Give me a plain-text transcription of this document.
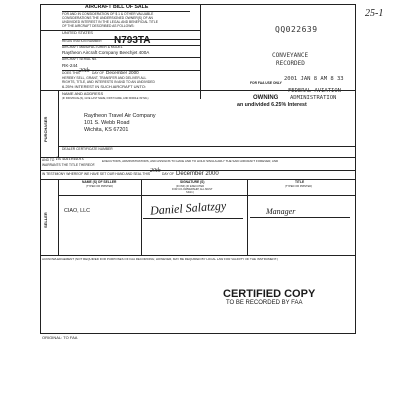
25-1
AIRCRAFT BILL OF SALE
FOR AND IN CONSIDERATION OF $ 1 & OTHER VALUABLE
CONSIDERATIONS THE UNDERSIGNED OWNER(S) OF AN
UNDIVIDED INTEREST IN THE LEGAL AND BENEFICIAL TITLE
OF THE AIRCRAFT DESCRIBED AS FOLLOWS:	QQ022639
UNITED STATES
REGISTRATION NUMBER N793TA
AIRCRAFT MANUFACTURER & MODEL
Raytheon Aircraft Company Beechjet 400A
AIRCRAFT SERIAL No.
RK-244
CONVEYANCE
RECORDED
DOES THIS 20th DAY OF December 2000
HEREBY SELL, GRANT, TRANSFER AND DELIVER ALL
RIGHTS, TITLE, AND INTERESTS IN AND TO AN UNDIVIDED
6.25% INTEREST IN SUCH AIRCRAFT UNTO:
FOR FAA USE ONLY
2001 JAN 8 AM 8 33
PURCHASER
NAME AND ADDRESS
(IF INDIVIDUAL(S), GIVE LAST NAME, FIRST NAME, AND MIDDLE INITIAL)
FEDERAL AVIATION
ADMINISTRATION
OWNING
an undivided 6.25% Interest
Raytheon Travel Air Company
101 S. Webb Road
Wichita, KS 67201
DEALER CERTIFICATE NUMBER
AND TO Its successors	EXECUTORS, ADMINISTRATORS, AND ASSIGNS TO HAVE AND TO HOLD SINGULARLY THE SAID AIRCRAFT FOREVER, AND
WARRANTS THE TITLE THEREOF.
IN TESTIMONY WHEREOF WE HAVE SET OUR HAND AND SEAL THIS 20th DAY OF December 2000
SELLER
NAME (S) OF SELLER
(TYPED OR PRINTED)
SIGNATURE (S)
(IN INK) (IF EXECUTED
FOR CO-OWNERSHIP, ALL MUST
SIGN.)
TITLE
(TYPED OR PRINTED)
CIAO, LLC	Daniel Salatzgy	Manager
ACKNOWLEDGEMENT (NOT REQUIRED FOR PURPOSES OF FAA RECORDING; HOWEVER, MAY BE REQUIRED BY LOCAL LAW FOR VALIDITY OF THE INSTRUMENT.)
CERTIFIED COPY
TO BE RECORDED BY FAA
ORIGINAL: TO FAA
